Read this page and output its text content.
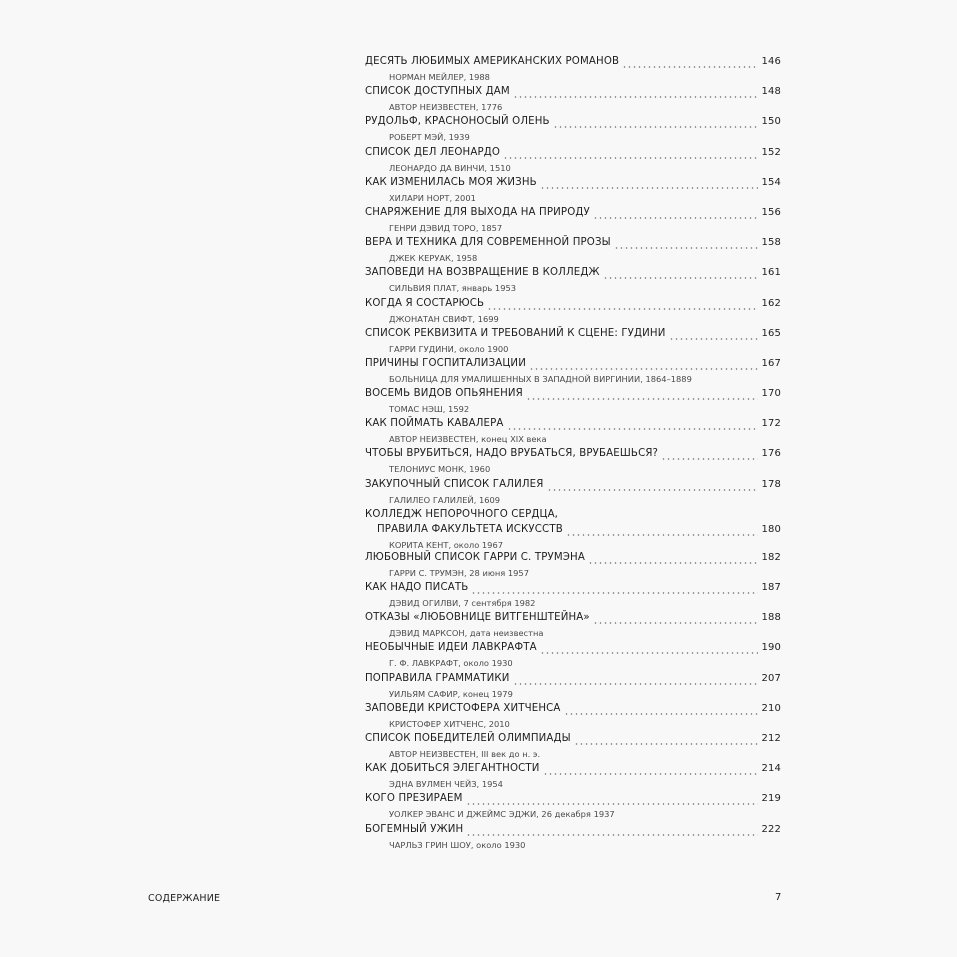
ДЕСЯТЬ ЛЮБИМЫХ АМЕРИКАНСКИХ РОМАНОВ	146
НОРМАН МЕЙЛЕР, 1988
СПИСОК ДОСТУПНЫХ ДАМ	148
АВТОР НЕИЗВЕСТЕН, 1776
РУДОЛЬФ, КРАСНОНОСЫЙ ОЛЕНЬ	150
РОБЕРТ МЭЙ, 1939
СПИСОК ДЕЛ ЛЕОНАРДО	152
ЛЕОНАРДО ДА ВИНЧИ, 1510
КАК ИЗМЕНИЛАСЬ МОЯ ЖИЗНЬ	154
ХИЛАРИ НОРТ, 2001
СНАРЯЖЕНИЕ ДЛЯ ВЫХОДА НА ПРИРОДУ	156
ГЕНРИ ДЭВИД ТОРО, 1857
ВЕРА И ТЕХНИКА ДЛЯ СОВРЕМЕННОЙ ПРОЗЫ	158
ДЖЕК КЕРУАК, 1958
ЗАПОВЕДИ НА ВОЗВРАЩЕНИЕ В КОЛЛЕДЖ	161
СИЛЬВИЯ ПЛАТ, январь 1953
КОГДА Я СОСТАРЮСЬ	162
ДЖОНАТАН СВИФТ, 1699
СПИСОК РЕКВИЗИТА И ТРЕБОВАНИЙ К СЦЕНЕ: ГУДИНИ	165
ГАРРИ ГУДИНИ, около 1900
ПРИЧИНЫ ГОСПИТАЛИЗАЦИИ	167
БОЛЬНИЦА ДЛЯ УМАЛИШЕННЫХ В ЗАПАДНОЙ ВИРГИНИИ, 1864–1889
ВОСЕМЬ ВИДОВ ОПЬЯНЕНИЯ	170
ТОМАС НЭШ, 1592
КАК ПОЙМАТЬ КАВАЛЕРА	172
АВТОР НЕИЗВЕСТЕН, конец XIX века
ЧТОБЫ ВРУБИТЬСЯ, НАДО ВРУБАТЬСЯ, ВРУБАЕШЬСЯ?	176
ТЕЛОНИУС МОНК, 1960
ЗАКУПОЧНЫЙ СПИСОК ГАЛИЛЕЯ	178
ГАЛИЛЕО ГАЛИЛЕЙ, 1609
КОЛЛЕДЖ НЕПОРОЧНОГО СЕРДЦА,
ПРАВИЛА ФАКУЛЬТЕТА ИСКУССТВ	180
КОРИТА КЕНТ, около 1967
ЛЮБОВНЫЙ СПИСОК ГАРРИ С. ТРУМЭНА	182
ГАРРИ С. ТРУМЭН, 28 июня 1957
КАК НАДО ПИСАТЬ	187
ДЭВИД ОГИЛВИ, 7 сентября 1982
ОТКАЗЫ «ЛЮБОВНИЦЕ ВИТГЕНШТЕЙНА»	188
ДЭВИД МАРКСОН, дата неизвестна
НЕОБЫЧНЫЕ ИДЕИ ЛАВКРАФТА	190
Г. Ф. ЛАВКРАФТ, около 1930
ПОПРАВИЛА ГРАММАТИКИ	207
УИЛЬЯМ САФИР, конец 1979
ЗАПОВЕДИ КРИСТОФЕРА ХИТЧЕНСА	210
КРИСТОФЕР ХИТЧЕНС, 2010
СПИСОК ПОБЕДИТЕЛЕЙ ОЛИМПИАДЫ	212
АВТОР НЕИЗВЕСТЕН, III век до н. э.
КАК ДОБИТЬСЯ ЭЛЕГАНТНОСТИ	214
ЭДНА ВУЛМЕН ЧЕЙЗ, 1954
КОГО ПРЕЗИРАЕМ	219
УОЛКЕР ЭВАНС И ДЖЕЙМС ЭДЖИ, 26 декабря 1937
БОГЕМНЫЙ УЖИН	222
ЧАРЛЬЗ ГРИН ШОУ, около 1930
СОДЕРЖАНИЕ	7
